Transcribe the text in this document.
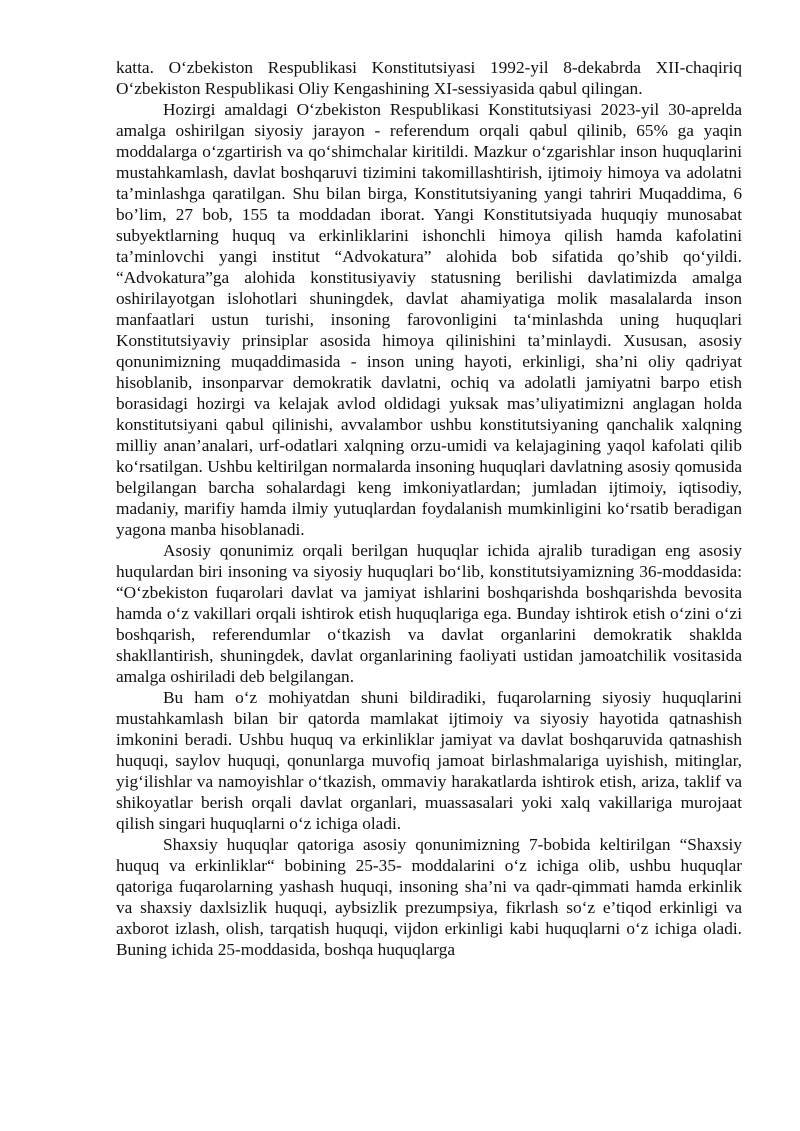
katta. O‘zbekiston Respublikasi Konstitutsiyasi 1992-yil 8-dekabrda XII-chaqiriq O‘zbekiston Respublikasi Oliy Kengashining XI-sessiyasida qabul qilingan.

Hozirgi amaldagi O‘zbekiston Respublikasi Konstitutsiyasi 2023-yil 30-aprelda amalga oshirilgan siyosiy jarayon - referendum orqali qabul qilinib, 65% ga yaqin moddalarga o‘zgartirish va qo‘shimchalar kiritildi. Mazkur o‘zgarishlar inson huquqlarini mustahkamlash, davlat boshqaruvi tizimini takomillashtirish, ijtimoiy himoya va adolatni ta’minlashga qaratilgan. Shu bilan birga, Konstitutsiyaning yangi tahriri Muqaddima, 6 bo’lim, 27 bob, 155 ta moddadan iborat. Yangi Konstitutsiyada huquqiy munosabat subyektlarning huquq va erkinliklarini ishonchli himoya qilish hamda kafolatini ta’minlovchi yangi institut “Advokatura” alohida bob sifatida qo’shib qo‘yildi. “Advokatura”ga alohida konstitusiyaviy statusning berilishi davlatimizda amalga oshirilayotgan islohotlari shuningdek, davlat ahamiyatiga molik masalalarda inson manfaatlari ustun turishi, insoning farovonligini ta‘minlashda uning huquqlari Konstitutsiyaviy prinsiplar asosida himoya qilinishini ta’minlaydi. Xususan, asosiy qonunimizning muqaddimasida - inson uning hayoti, erkinligi, sha’ni oliy qadriyat hisoblanib, insonparvar demokratik davlatni, ochiq va adolatli jamiyatni barpo etish borasidagi hozirgi va kelajak avlod oldidagi yuksak mas’uliyatimizni anglagan holda konstitutsiyani qabul qilinishi, avvalambor ushbu konstitutsiyaning qanchalik xalqning milliy anan’analari, urf-odatlari xalqning orzu-umidi va kelajagining yaqol kafolati qilib ko‘rsatilgan. Ushbu keltirilgan normalarda insoning huquqlari davlatning asosiy qomusida belgilangan barcha sohalardagi keng imkoniyatlardan; jumladan ijtimoiy, iqtisodiy, madaniy, marifiy hamda ilmiy yutuqlardan foydalanish mumkinligini ko‘rsatib beradigan yagona manba hisoblanadi.

Asosiy qonunimiz orqali berilgan huquqlar ichida ajralib turadigan eng asosiy huqulardan biri insoning va siyosiy huquqlari bo‘lib, konstitutsiyamizning 36-moddasida: “O‘zbekiston fuqarolari davlat va jamiyat ishlarini boshqarishda boshqarishda bevosita hamda o‘z vakillari orqali ishtirok etish huquqlariga ega. Bunday ishtirok etish o‘zini o‘zi boshqarish, referendumlar o‘tkazish va davlat organlarini demokratik shaklda shakllantirish, shuningdek, davlat organlarining faoliyati ustidan jamoatchilik vositasida amalga oshiriladi deb belgilangan.

Bu ham o‘z mohiyatdan shuni bildiradiki, fuqarolarning siyosiy huquqlarini mustahkamlash bilan bir qatorda mamlakat ijtimoiy va siyosiy hayotida qatnashish imkonini beradi. Ushbu huquq va erkinliklar jamiyat va davlat boshqaruvida qatnashish huquqi, saylov huquqi, qonunlarga muvofiq jamoat birlashmalariga uyishish, mitinglar, yig‘ilishlar va namoyishlar o‘tkazish, ommaviy harakatlarda ishtirok etish, ariza, taklif va shikoyatlar berish orqali davlat organlari, muassasalari yoki xalq vakillariga murojaat qilish singari huquqlarni o‘z ichiga oladi.

Shaxsiy huquqlar qatoriga asosiy qonunimizning 7-bobida keltirilgan “Shaxsiy huquq va erkinliklar“ bobining 25-35- moddalarini o‘z ichiga olib, ushbu huquqlar qatoriga fuqarolarning yashash huquqi, insoning sha’ni va qadr-qimmati hamda erkinlik va shaxsiy daxlsizlik huquqi, aybsizlik prezumpsiya, fikrlash so‘z e’tiqod erkinligi va axborot izlash, olish, tarqatish huquqi, vijdon erkinligi kabi huquqlarni o‘z ichiga oladi. Buning ichida 25-moddasida, boshqa huquqlarga
